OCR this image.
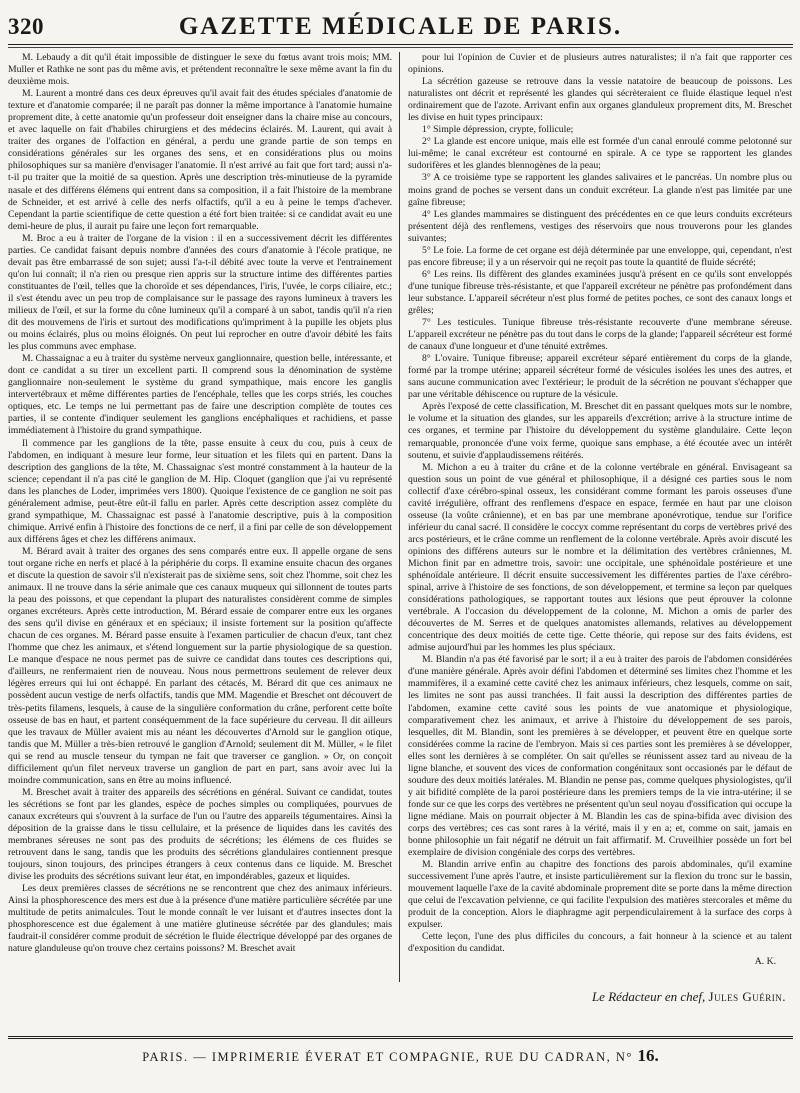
320	GAZETTE MÉDICALE DE PARIS.

M. Lebaudy a dit qu'il était impossible de distinguer le sexe du fœtus avant trois mois; MM. Muller et Rathke ne sont pas du même avis, et prétendent reconnaître le sexe même avant la fin du deuxième mois.

M. Laurent a montré dans ces deux épreuves qu'il avait fait des études spéciales d'anatomie de texture et d'anatomie comparée; il ne paraît pas donner la même importance à l'anatomie humaine proprement dite, à cette anatomie qu'un professeur doit enseigner dans la chaire mise au concours, et avec laquelle on fait d'habiles chirurgiens et des médecins éclairés. M. Laurent, qui avait à traiter des organes de l'olfaction en général, a perdu une grande partie de son temps en considérations générales sur les organes des sens, et en considérations plus ou moins philosophiques sur sa manière d'envisager l'anatomie. Il n'est arrivé au fait que fort tard; aussi n'a-t-il pu traiter que la moitié de sa question. Après une description très-minutieuse de la pyramide nasale et des différens élémens qui entrent dans sa composition, il a fait l'histoire de la membrane de Schneider, et est arrivé à celle des nerfs olfactifs, qu'il a eu à peine le temps d'achever. Cependant la partie scientifique de cette question a été fort bien traitée: si ce candidat avait eu une demi-heure de plus, il aurait pu faire une leçon fort remarquable.

M. Broc a eu à traiter de l'organe de la vision : il en a successivement décrit les différentes parties. Ce candidat faisant depuis nombre d'années des cours d'anatomie à l'école pratique, ne devait pas être embarrassé de son sujet; aussi l'a-t-il débité avec toute la verve et l'entrainement qu'on lui connaît; il n'a rien ou presque rien appris sur la structure intime des différentes parties constituantes de l'œil, telles que la choroïde et ses dépendances, l'iris, l'uvée, le corps ciliaire, etc.; il s'est étendu avec un peu trop de complaisance sur le passage des rayons lumineux à travers les milieux de l'œil, et sur la forme du cône lumineux qu'il a comparé à un sabot, tandis qu'il n'a rien dit des mouvemens de l'iris et surtout des modifications qu'impriment à la pupille les objets plus ou moins éclairés, plus ou moins éloignés. On peut lui reprocher en outre d'avoir débité les faits les plus communs avec emphase.

M. Chassaignac a eu à traiter du système nerveux ganglionnaire, question belle, intéressante, et dont ce candidat a su tirer un excellent parti. Il comprend sous la dénomination de système ganglionnaire non-seulement le système du grand sympathique, mais encore les ganglis intervertébraux et même différentes parties de l'encéphale, telles que les corps striés, les couches optiques, etc. Le temps ne lui permettant pas de faire une description complète de toutes ces parties, il se contente d'indiquer seulement les ganglions encéphaliques et rachidiens, et passe immédiatement à l'histoire du grand sympathique.

Il commence par les ganglions de la tête, passe ensuite à ceux du cou, puis à ceux de l'abdomen, en indiquant à mesure leur forme, leur situation et les filets qui en partent. Dans la description des ganglions de la tête, M. Chassaignac s'est montré constamment à la hauteur de la science; cependant il n'a pas cité le ganglion de M. Hip. Cloquet (ganglion que j'ai vu représenté dans les planches de Loder, imprimées vers 1800). Quoique l'existence de ce ganglion ne soit pas généralement admise, peut-être eût-il fallu en parler. Après cette description assez complète du grand sympathique, M. Chassaignac est passé à l'anatomie descriptive, puis à la composition chimique. Arrivé enfin à l'histoire des fonctions de ce nerf, il a fini par celle de son développement aux différens âges et chez les différens animaux.

M. Bérard avait à traiter des organes des sens comparés entre eux. Il appelle organe de sens tout organe riche en nerfs et placé à la périphérie du corps. Il examine ensuite chacun des organes et discute la question de savoir s'il n'existerait pas de sixième sens, soit chez l'homme, soit chez les animaux. Il ne trouve dans la série animale que ces canaux muqueux qui sillonnent de toutes parts la peau des poissons, et que cependant la plupart des naturalistes considèrent comme de simples organes excréteurs. Après cette introduction, M. Bérard essaie de comparer entre eux les organes des sens qu'il divise en généraux et en spéciaux; il insiste fortement sur la position qu'affecte chacun de ces organes. M. Bérard passe ensuite à l'examen particulier de chacun d'eux, tant chez l'homme que chez les animaux, et s'étend longuement sur la partie physiologique de sa question. Le manque d'espace ne nous permet pas de suivre ce candidat dans toutes ces descriptions qui, d'ailleurs, ne renfermaient rien de nouveau. Nous nous permettrons seulement de relever deux légères erreurs qui lui ont échappé. En parlant des cétacés, M. Bérard dit que ces animaux ne possèdent aucun vestige de nerfs olfactifs, tandis que MM. Magendie et Breschet ont découvert de très-petits filamens, lesquels, à cause de la singulière conformation du crâne, perforent cette boîte osseuse de bas en haut, et partent conséquemment de la face supérieure du cerveau. Il dit ailleurs que les travaux de Müller avaient mis au néant les découvertes d'Arnold sur le ganglion otique, tandis que M. Müller a très-bien retrouvé le ganglion d'Arnold; seulement dit M. Müller, « le filet qui se rend au muscle tenseur du tympan ne fait que traverser ce ganglion. » Or, on conçoit difficilement qu'un filet nerveux traverse un ganglion de part en part, sans avoir avec lui la moindre communication, sans en être au moins influencé.

M. Breschet avait à traiter des appareils des sécrétions en général. Suivant ce candidat, toutes les sécrétions se font par les glandes, espèce de poches simples ou compliquées, pourvues de canaux excréteurs qui s'ouvrent à la surface de l'un ou l'autre des appareils tégumentaires. Ainsi la déposition de la graisse dans le tissu cellulaire, et la présence de liquides dans les cavités des membranes séreuses ne sont pas des produits de sécrétions; les élémens de ces fluides se retrouvent dans le sang, tandis que les produits des sécrétions glandulaires contiennent presque toujours, sinon toujours, des principes étrangers à ceux contenus dans ce liquide. M. Breschet divise les produits des sécrétions suivant leur état, en impondérables, gazeux et liquides.

Les deux premières classes de sécrétions ne se rencontrent que chez des animaux inférieurs. Ainsi la phosphorescence des mers est due à la présence d'une matière particulière sécrétée par une multitude de petits animalcules. Tout le monde connaît le ver luisant et d'autres insectes dont la phosphorescence est due également à une matière glutineuse sécrétée par des glandules; mais faudrait-il considérer comme produit de sécrétion le fluide électrique développé par des organes de nature glanduleuse qu'on trouve chez certains poissons? M. Breschet avait

pour lui l'opinion de Cuvier et de plusieurs autres naturalistes; il n'a fait que rapporter ces opinions.

La sécrétion gazeuse se retrouve dans la vessie natatoire de beaucoup de poissons. Les naturalistes ont décrit et représenté les glandes qui sécrèteraient ce fluide élastique lequel n'est ordinairement que de l'azote. Arrivant enfin aux organes glanduleux proprement dits, M. Breschet les divise en huit types principaux:

1° Simple dépression, crypte, follicule;

2° La glande est encore unique, mais elle est formée d'un canal enroulé comme pelotonné sur lui-même; le canal excréteur est contourné en spirale. A ce type se rapportent les glandes sudorifères et les glandes blennogènes de la peau;

3° A ce troisième type se rapportent les glandes salivaires et le pancréas. Un nombre plus ou moins grand de poches se versent dans un conduit excréteur. La glande n'est pas limitée par une gaîne fibreuse;

4° Les glandes mammaires se distinguent des précédentes en ce que leurs conduits excréteurs présentent déjà des renflemens, vestiges des réservoirs que nous trouverons pour les glandes suivantes;

5° Le foie. La forme de cet organe est déjà déterminée par une enveloppe, qui, cependant, n'est pas encore fibreuse; il y a un réservoir qui ne reçoit pas toute la quantité de fluide sécrété;

6° Les reins. Ils diffèrent des glandes examinées jusqu'à présent en ce qu'ils sont enveloppés d'une tunique fibreuse très-résistante, et que l'appareil excréteur ne pénètre pas profondément dans leur substance. L'appareil sécréteur n'est plus formé de petites poches, ce sont des canaux longs et grêles;

7° Les testicules. Tunique fibreuse très-résistante recouverte d'une membrane séreuse. L'appareil excréteur ne pénètre pas du tout dans le corps de la glande; l'appareil sécréteur est formé de canaux d'une longueur et d'une ténuité extrêmes.

8° L'ovaire. Tunique fibreuse; appareil excréteur séparé entièrement du corps de la glande, formé par la trompe utérine; appareil sécréteur formé de vésicules isolées les unes des autres, et sans aucune communication avec l'extérieur; le produit de la sécrétion ne pouvant s'échapper que par une véritable déhiscence ou rupture de la vésicule.

Après l'exposé de cette classification, M. Breschet dit en passant quelques mots sur le nombre, le volume et la situation des glandes, sur les appareils d'excrétion; arrive à la structure intime de ces organes, et termine par l'histoire du développement du système glandulaire. Cette leçon remarquable, prononcée d'une voix ferme, quoique sans emphase, a été écoutée avec un intérêt soutenu, et suivie d'applaudissemens réitérés.

M. Michon a eu à traiter du crâne et de la colonne vertébrale en général. Envisageant sa question sous un point de vue général et philosophique, il a désigné ces parties sous le nom collectif d'axe cérébro-spinal osseux, les considérant comme formant les parois osseuses d'une cavité irrégulière, offrant des renflemens d'espace en espace, fermée en haut par une cloison osseuse (la voûte crânienne), et en bas par une membrane aponévrotique, tendue sur l'orifice inférieur du canal sacré. Il considère le coccyx comme représentant du corps de vertèbres privé des arcs postérieurs, et le crâne comme un renflement de la colonne vertébrale. Après avoir discuté les opinions des différens auteurs sur le nombre et la délimitation des vertèbres crâniennes, M. Michon finit par en admettre trois, savoir: une occipitale, une sphénoïdale postérieure et une sphénoïdale antérieure. Il décrit ensuite successivement les différentes parties de l'axe cérébro-spinal, arrive à l'histoire de ses fonctions, de son développement, et termine sa leçon par quelques considérations pathologiques, se rapportant toutes aux lésions que peut éprouver la colonne vertébrale. A l'occasion du développement de la colonne, M. Michon a omis de parler des découvertes de M. Serres et de quelques anatomistes allemands, relatives au développement concentrique des deux moitiés de cette tige. Cette théorie, qui repose sur des faits évidens, est admise aujourd'hui par les hommes les plus spéciaux.

M. Blandin n'a pas été favorisé par le sort; il a eu à traiter des parois de l'abdomen considérées d'une manière générale. Après avoir défini l'abdomen et déterminé ses limites chez l'homme et les mammifères, il a examiné cette cavité chez les animaux inférieurs, chez lesquels, comme on sait, les limites ne sont pas aussi tranchées. Il fait aussi la description des différentes parties de l'abdomen, examine cette cavité sous les points de vue anatomique et physiologique, comparativement chez les animaux, et arrive à l'histoire du développement de ses parois, lesquelles, dit M. Blandin, sont les premières à se développer, et peuvent être en quelque sorte considérées comme la racine de l'embryon. Mais si ces parties sont les premières à se développer, elles sont les dernières à se compléter. On sait qu'elles se réunissent assez tard au niveau de la ligne blanche, et souvent des vices de conformation congénitaux sont occasionés par le défaut de soudure des deux moitiés latérales. M. Blandin ne pense pas, comme quelques physiologistes, qu'il y ait bifidité complète de la paroi postérieure dans les premiers temps de la vie intra-utérine; il se fonde sur ce que les corps des vertèbres ne présentent qu'un seul noyau d'ossification qui occupe la ligne médiane. Mais on pourrait objecter à M. Blandin les cas de spina-bifida avec division des corps des vertèbres; ces cas sont rares à la vérité, mais il y en a; et, comme on sait, jamais en bonne philosophie un fait négatif ne détruit un fait affirmatif. M. Cruveilhier possède un fort bel exemplaire de division congéniale des corps des vertèbres.

M. Blandin arrive enfin au chapitre des fonctions des parois abdominales, qu'il examine successivement l'une après l'autre, et insiste particulièrement sur la flexion du tronc sur le bassin, mouvement laquelle l'axe de la cavité abdominale proprement dite se porte dans la même direction que celui de l'excavation pelvienne, ce qui facilite l'expulsion des matières stercorales et même du produit de la conception. Alors le diaphragme agit perpendiculairement à la surface des corps à expulser.

Cette leçon, l'une des plus difficiles du concours, a fait honneur à la science et au talent d'exposition du candidat.

A. K.

Le Rédacteur en chef, Jules Guérin.
PARIS. — IMPRIMERIE ÉVERAT ET COMPAGNIE, RUE DU CADRAN, N° 16.
